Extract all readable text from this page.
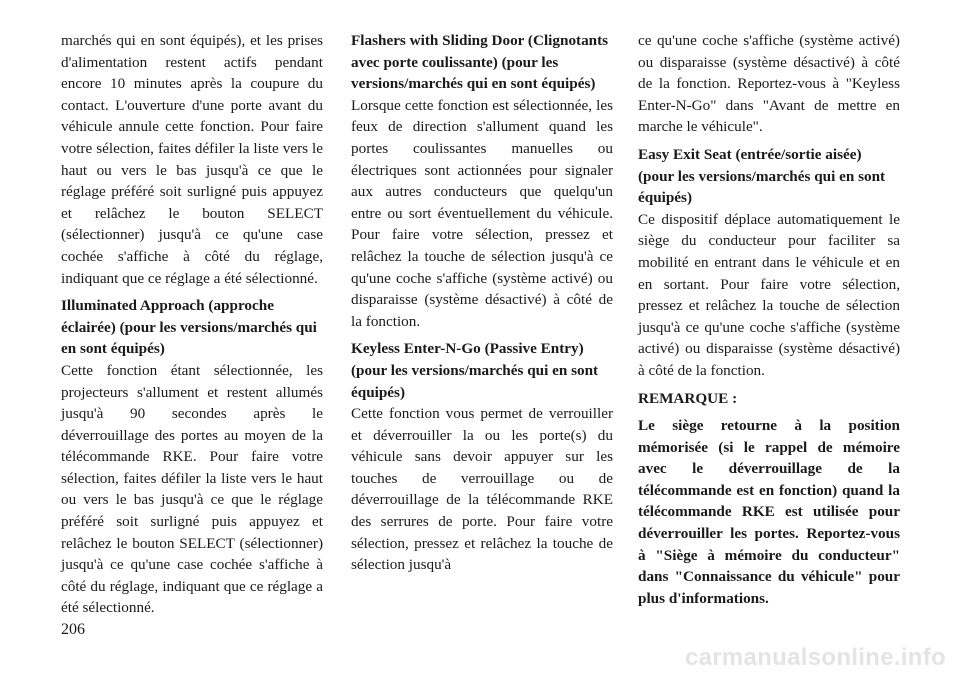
marchés qui en sont équipés), et les prises d'alimentation restent actifs pendant encore 10 minutes après la coupure du contact. L'ouverture d'une porte avant du véhicule annule cette fonction. Pour faire votre sélection, faites défiler la liste vers le haut ou vers le bas jusqu'à ce que le réglage préféré soit surligné puis appuyez et relâchez le bouton SELECT (sélectionner) jusqu'à ce qu'une case cochée s'affiche à côté du réglage, indiquant que ce réglage a été sélectionné.

Illuminated Approach (approche éclairée) (pour les versions/marchés qui en sont équipés)

Cette fonction étant sélectionnée, les projecteurs s'allument et restent allumés jusqu'à 90 secondes après le déverrouillage des portes au moyen de la télécommande RKE. Pour faire votre sélection, faites défiler la liste vers le haut ou vers le bas jusqu'à ce que le réglage préféré soit surligné puis appuyez et relâchez le bouton SELECT (sélectionner) jusqu'à ce qu'une case cochée s'affiche à côté du réglage, indiquant que ce réglage a été sélectionné.

Flashers with Sliding Door (Clignotants avec porte coulissante) (pour les versions/marchés qui en sont équipés)

Lorsque cette fonction est sélectionnée, les feux de direction s'allument quand les portes coulissantes manuelles ou électriques sont actionnées pour signaler aux autres conducteurs que quelqu'un entre ou sort éventuellement du véhicule. Pour faire votre sélection, pressez et relâchez la touche de sélection jusqu'à ce qu'une coche s'affiche (système activé) ou disparaisse (système désactivé) à côté de la fonction.

Keyless Enter-N-Go (Passive Entry) (pour les versions/marchés qui en sont équipés)

Cette fonction vous permet de verrouiller et déverrouiller la ou les porte(s) du véhicule sans devoir appuyer sur les touches de verrouillage ou de déverrouillage de la télécommande RKE des serrures de porte. Pour faire votre sélection, pressez et relâchez la touche de sélection jusqu'à

ce qu'une coche s'affiche (système activé) ou disparaisse (système désactivé) à côté de la fonction. Reportez-vous à "Keyless Enter-N-Go" dans "Avant de mettre en marche le véhicule".

Easy Exit Seat (entrée/sortie aisée) (pour les versions/marchés qui en sont équipés)

Ce dispositif déplace automatiquement le siège du conducteur pour faciliter sa mobilité en entrant dans le véhicule et en en sortant. Pour faire votre sélection, pressez et relâchez la touche de sélection jusqu'à ce qu'une coche s'affiche (système activé) ou disparaisse (système désactivé) à côté de la fonction.

REMARQUE :

Le siège retourne à la position mémorisée (si le rappel de mémoire avec le déverrouillage de la télécommande est en fonction) quand la télécommande RKE est utilisée pour déverrouiller les portes. Reportez-vous à "Siège à mémoire du conducteur" dans "Connaissance du véhicule" pour plus d'informations.

206
carmanualsonline.info
